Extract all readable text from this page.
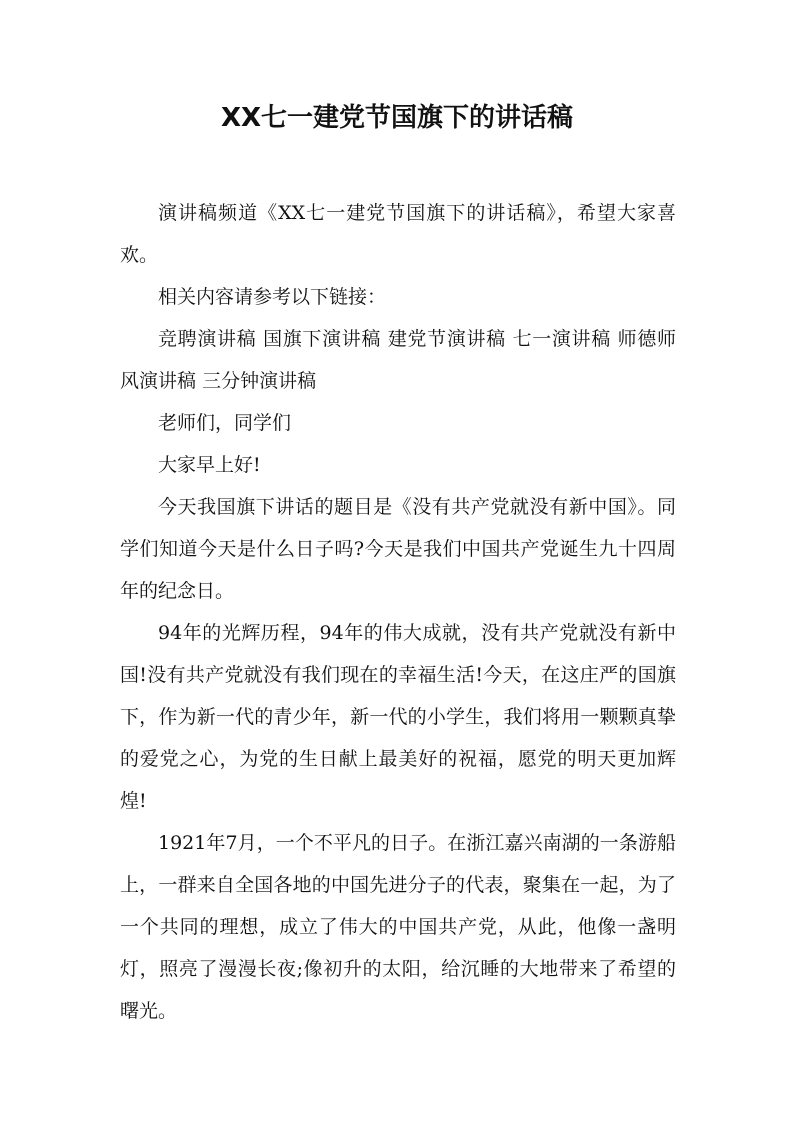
XX七一建党节国旗下的讲话稿

演讲稿频道《XX七一建党节国旗下的讲话稿》，希望大家喜欢。

相关内容请参考以下链接：

竞聘演讲稿 国旗下演讲稿 建党节演讲稿 七一演讲稿 师德师风演讲稿 三分钟演讲稿

老师们，同学们

大家早上好!

今天我国旗下讲话的题目是《没有共产党就没有新中国》。同学们知道今天是什么日子吗?今天是我们中国共产党诞生九十四周年的纪念日。

94年的光辉历程，94年的伟大成就，没有共产党就没有新中国!没有共产党就没有我们现在的幸福生活!今天，在这庄严的国旗下，作为新一代的青少年，新一代的小学生，我们将用一颗颗真挚的爱党之心，为党的生日献上最美好的祝福，愿党的明天更加辉煌!

1921年7月，一个不平凡的日子。在浙江嘉兴南湖的一条游船上，一群来自全国各地的中国先进分子的代表，聚集在一起，为了一个共同的理想，成立了伟大的中国共产党，从此，他像一盏明灯，照亮了漫漫长夜;像初升的太阳，给沉睡的大地带来了希望的曙光。
